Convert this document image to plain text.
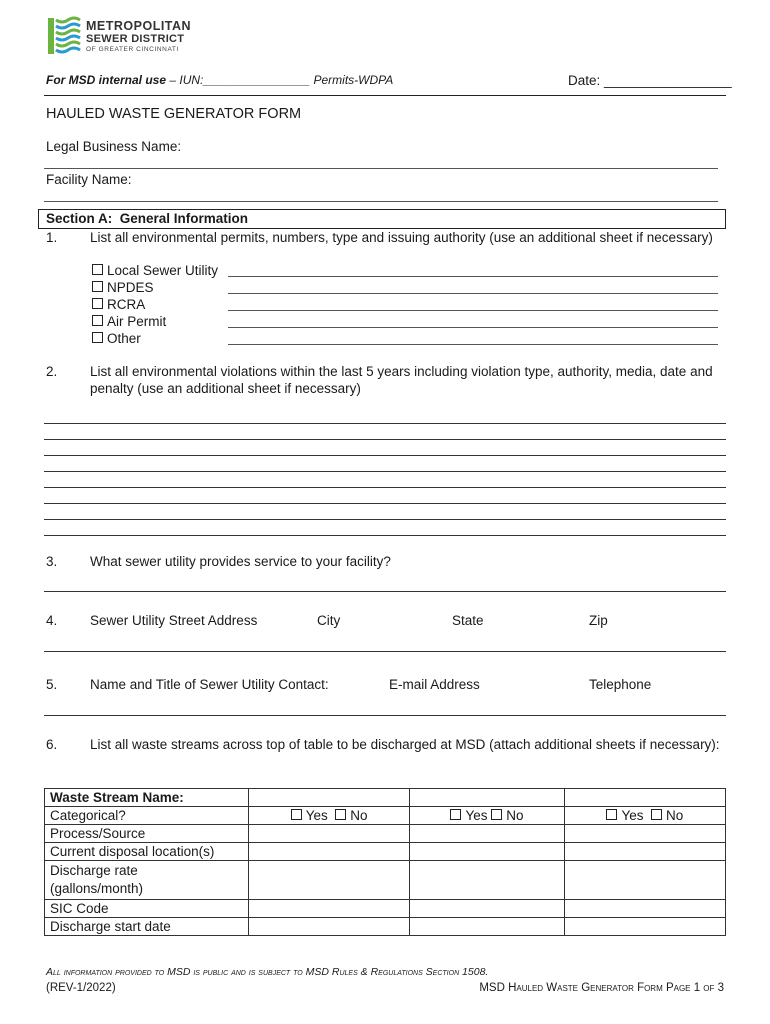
METROPOLITAN
SEWER DISTRICT
OF GREATER CINCINNATI
For MSD internal use – IUN:________________ Permits-WDPA	Date: _________________
HAULED WASTE GENERATOR FORM
Legal Business Name:
Facility Name:
Section A:  General Information
1. List all environmental permits, numbers, type and issuing authority (use an additional sheet if necessary)
Local Sewer Utility
NPDES
RCRA
Air Permit
Other
2. List all environmental violations within the last 5 years including violation type, authority, media, date and
penalty (use an additional sheet if necessary)
3. What sewer utility provides service to your facility?
4. Sewer Utility Street Address	City	State	Zip
5. Name and Title of Sewer Utility Contact:	E-mail Address	Telephone
6. List all waste streams across top of table to be discharged at MSD (attach additional sheets if necessary):
Waste Stream Name:			
Categorical?	Yes No	Yes No	Yes No
Process/Source			
Current disposal location(s)			

Discharge rate
(gallons/month)			

SIC Code			
Discharge start date			
All information provided to MSD is public and is subject to MSD Rules & Regulations Section 1508.
(REV-1/2022)	MSD Hauled Waste Generator Form Page 1 of 3
